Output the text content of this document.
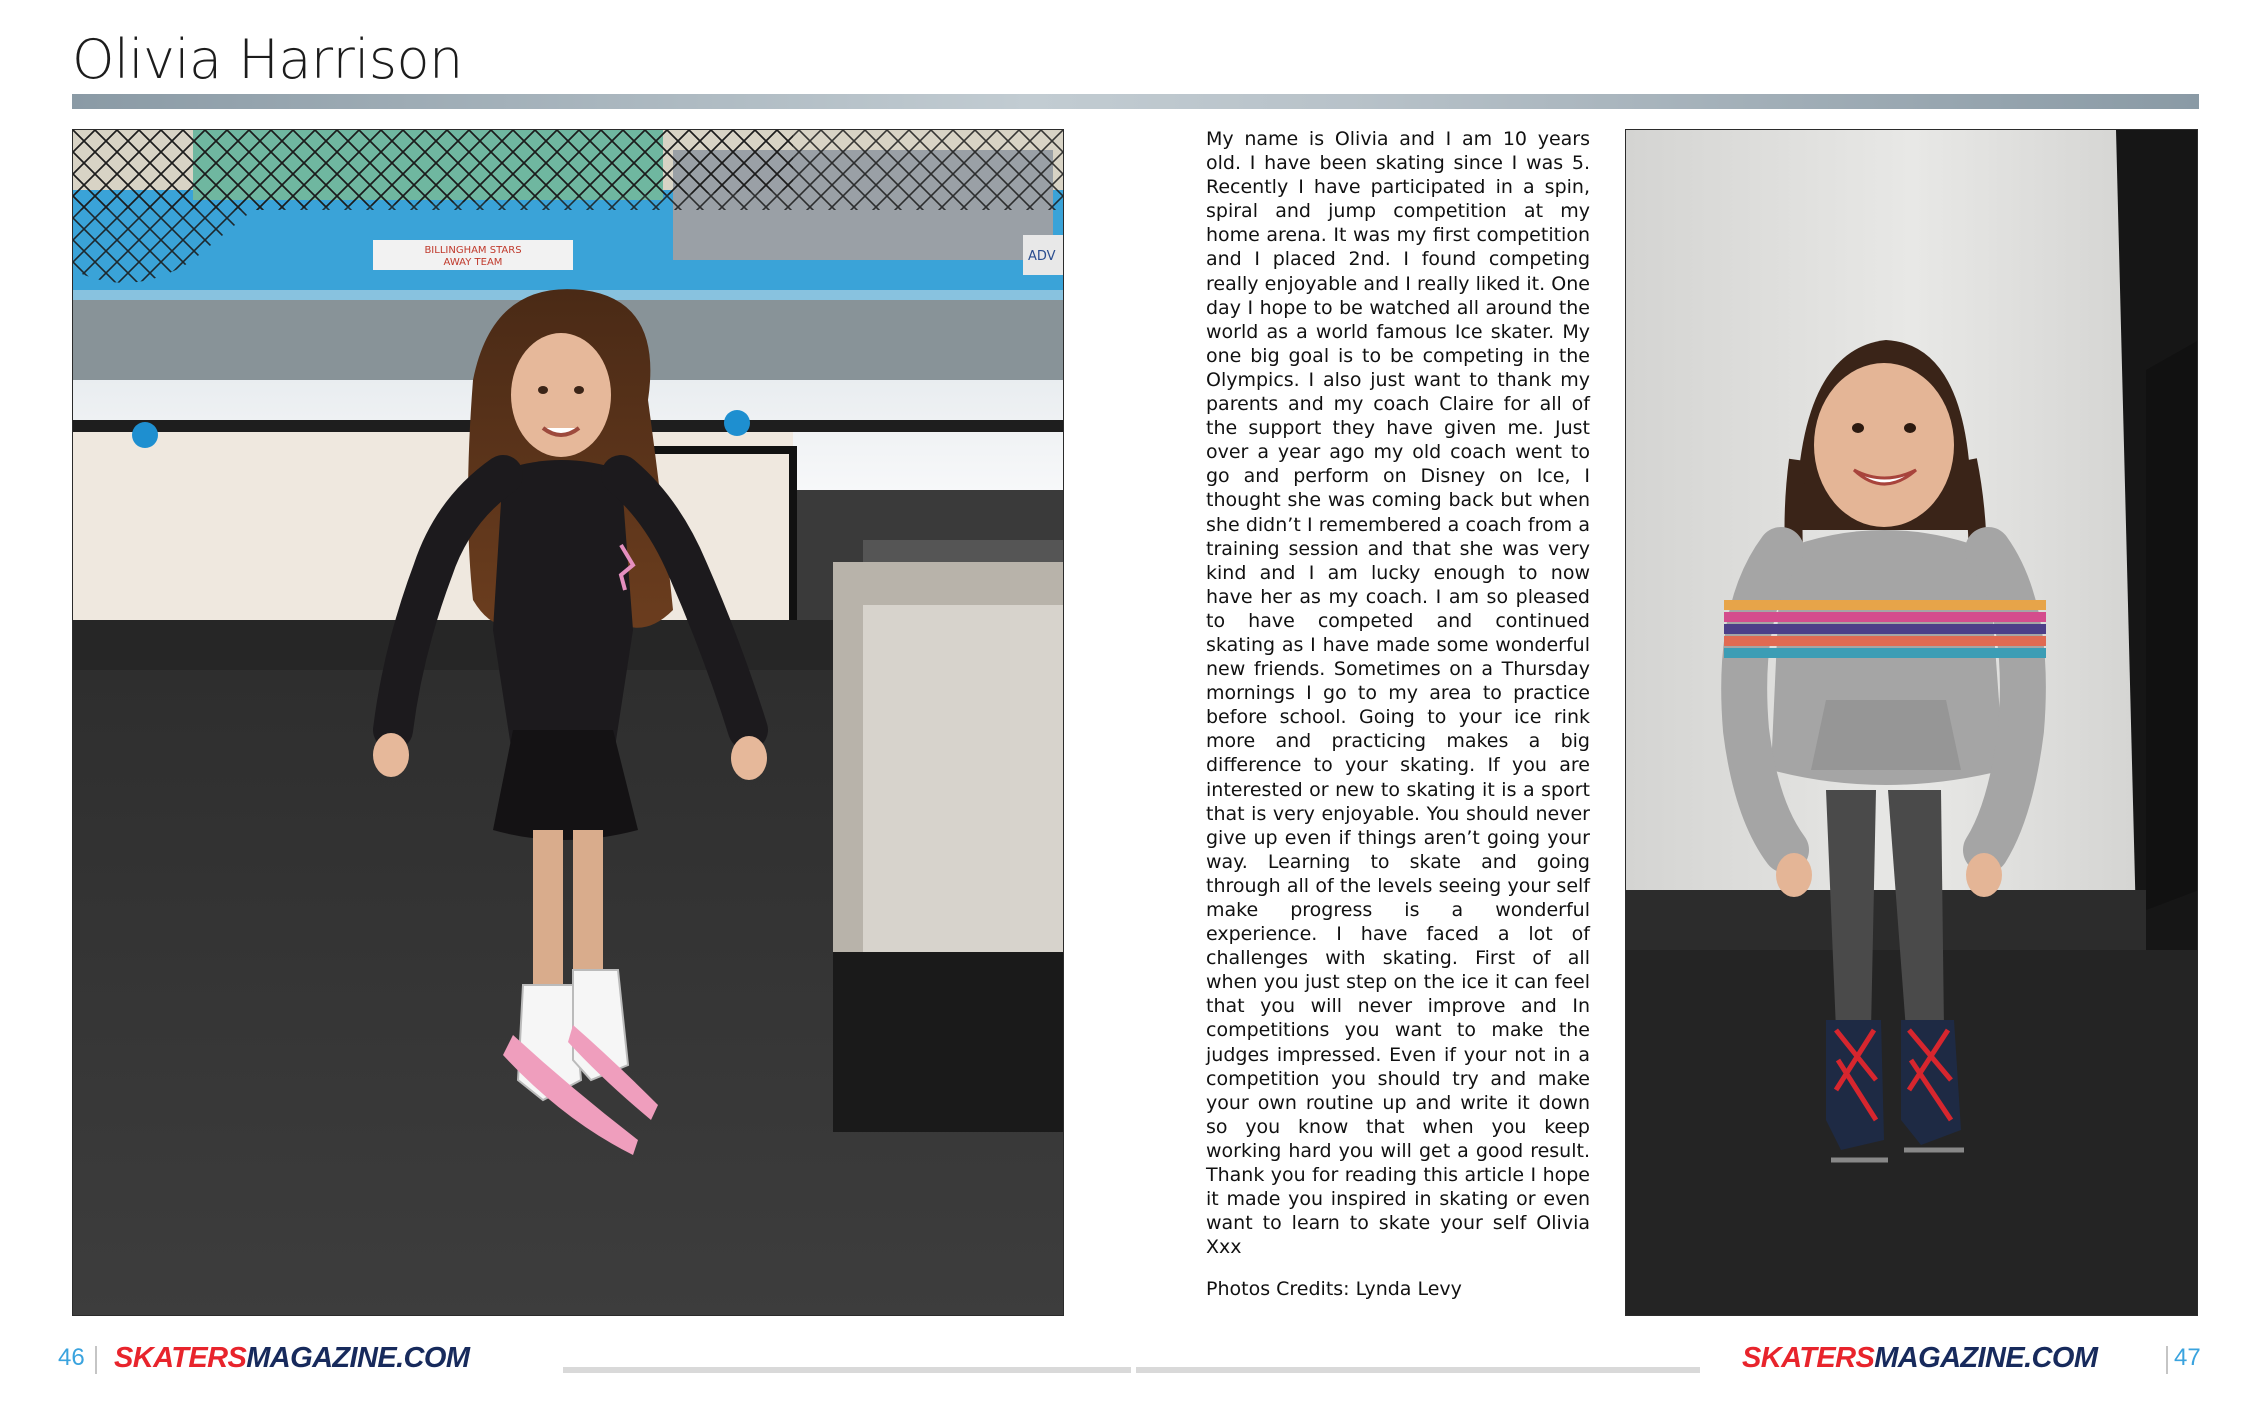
Olivia Harrison
BILLINGHAM STARS
AWAY TEAM	ADV

My name is Olivia and I am 10 years old. I have been skating since I was 5. Recently I have participated in a spin, spiral and jump competition at my home arena. It was my first competition and I placed 2nd. I found competing really enjoyable and I really liked it. One day I hope to be watched all around the world as a world famous Ice skater. My one big goal is to be competing in the Olympics. I also just want to thank my parents and my coach Claire for all of the support they have given me. Just over a year ago my old coach went to go and perform on Disney on Ice, I thought she was coming back but when she didn’t I remembered a coach from a training session and that she was very kind and I am lucky enough to now have her as my coach. I am so pleased to have competed and continued skating as I have made some wonderful new friends. Sometimes on a Thursday mornings I go to my area to practice before school. Going to your ice rink more and practicing makes a big difference to your skating. If you are interested or new to skating it is a sport that is very enjoyable. You should never give up even if things aren’t going your way. Learning to skate and going through all of the levels seeing your self make progress is a wonderful experience. I have faced a lot of challenges with skating. First of all when you just step on the ice it can feel that you will never improve and In competitions you want to make the judges impressed. Even if your not in a competition you should try and make your own routine up and write it down so you know that when you keep working hard you will get a good result. Thank you for reading this article I hope it made you inspired in skating or even want to learn to skate your self Olivia Xxx

Photos Credits: Lynda Levy
46 SKATERSMAGAZINE.COM	SKATERSMAGAZINE.COM	47
